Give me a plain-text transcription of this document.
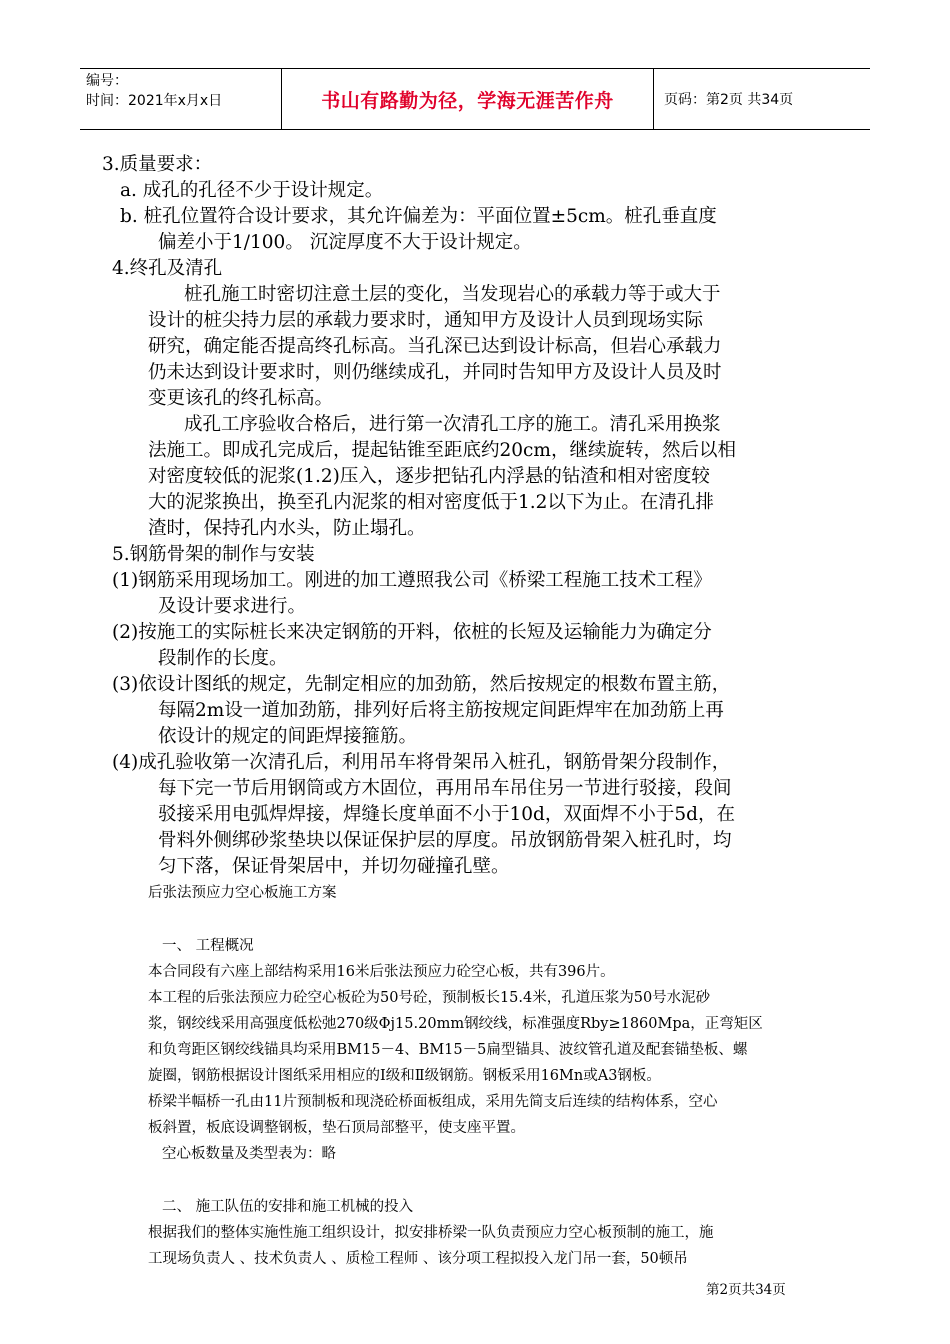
编号：
时间：2021年x月x日	书山有路勤为径，学海无涯苦作舟	页码：第2页 共34页
3.质量要求：
a. 成孔的孔径不少于设计规定。
b. 桩孔位置符合设计要求，其允许偏差为：平面位置±5cm。桩孔垂直度
偏差小于1/100。 沉淀厚度不大于设计规定。
4.终孔及清孔
桩孔施工时密切注意土层的变化，当发现岩心的承载力等于或大于
设计的桩尖持力层的承载力要求时，通知甲方及设计人员到现场实际
研究，确定能否提高终孔标高。当孔深已达到设计标高，但岩心承载力
仍未达到设计要求时，则仍继续成孔，并同时告知甲方及设计人员及时
变更该孔的终孔标高。
成孔工序验收合格后，进行第一次清孔工序的施工。清孔采用换浆
法施工。即成孔完成后，提起钻锥至距底约20cm，继续旋转，然后以相
对密度较低的泥浆(1.2)压入，逐步把钻孔内浮悬的钻渣和相对密度较
大的泥浆换出，换至孔内泥浆的相对密度低于1.2以下为止。在清孔排
渣时，保持孔内水头，防止塌孔。
5.钢筋骨架的制作与安装
(1)钢筋采用现场加工。刚进的加工遵照我公司《桥梁工程施工技术工程》
及设计要求进行。
(2)按施工的实际桩长来决定钢筋的开料，依桩的长短及运输能力为确定分
段制作的长度。
(3)依设计图纸的规定，先制定相应的加劲筋，然后按规定的根数布置主筋，
每隔2m设一道加劲筋，排列好后将主筋按规定间距焊牢在加劲筋上再
依设计的规定的间距焊接箍筋。
(4)成孔验收第一次清孔后，利用吊车将骨架吊入桩孔，钢筋骨架分段制作，
每下完一节后用钢筒或方木固位，再用吊车吊住另一节进行驳接，段间
驳接采用电弧焊焊接，焊缝长度单面不小于10d，双面焊不小于5d，在
骨料外侧绑砂浆垫块以保证保护层的厚度。吊放钢筋骨架入桩孔时，均
匀下落，保证骨架居中，并切勿碰撞孔壁。
后张法预应力空心板施工方案
一、 工程概况
本合同段有六座上部结构采用16米后张法预应力砼空心板，共有396片。
本工程的后张法预应力砼空心板砼为50号砼，预制板长15.4米，孔道压浆为50号水泥砂
浆，钢绞线采用高强度低松弛270级Φj15.20mm钢绞线，标准强度Rby≥1860Mpa，正弯矩区
和负弯距区钢绞线锚具均采用BM15－4、BM15－5扁型锚具、波纹管孔道及配套锚垫板、螺
旋圈，钢筋根据设计图纸采用相应的Ⅰ级和Ⅱ级钢筋。钢板采用16Mn或A3钢板。
桥梁半幅桥一孔由11片预制板和现浇砼桥面板组成，采用先简支后连续的结构体系，空心
板斜置，板底设调整钢板，垫石顶局部整平，使支座平置。
空心板数量及类型表为：略
二、 施工队伍的安排和施工机械的投入
根据我们的整体实施性施工组织设计，拟安排桥梁一队负责预应力空心板预制的施工，施
工现场负责人 、技术负责人 、质检工程师 、该分项工程拟投入龙门吊一套，50顿吊
第2页共34页
